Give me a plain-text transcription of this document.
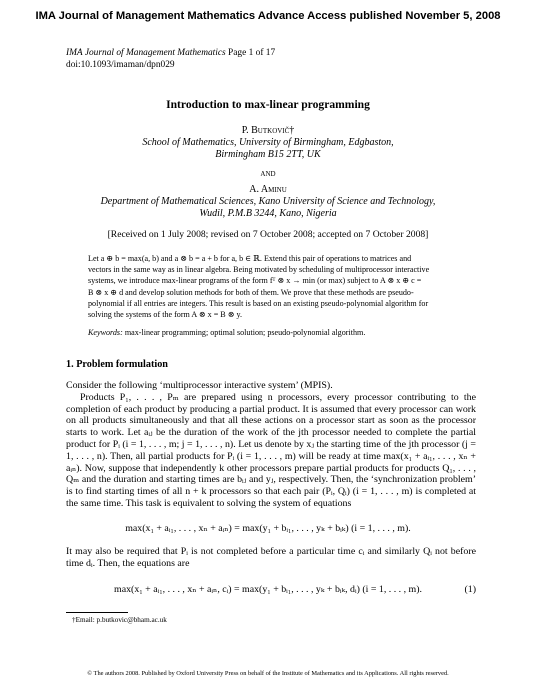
IMA Journal of Management Mathematics Advance Access published November 5, 2008
IMA Journal of Management Mathematics Page 1 of 17
doi:10.1093/imaman/dpn029
Introduction to max-linear programming
P. Butkovič†
School of Mathematics, University of Birmingham, Edgbaston,
Birmingham B15 2TT, UK
and
A. Aminu
Department of Mathematical Sciences, Kano University of Science and Technology,
Wudil, P.M.B 3244, Kano, Nigeria
[Received on 1 July 2008; revised on 7 October 2008; accepted on 7 October 2008]
Let a ⊕ b = max(a, b) and a ⊗ b = a + b for a, b ∈ ℝ. Extend this pair of operations to matrices and
vectors in the same way as in linear algebra. Being motivated by scheduling of multiprocessor interactive
systems, we introduce max-linear programs of the form fᵀ ⊗ x → min (or max) subject to A ⊗ x ⊕ c =
B ⊗ x ⊕ d and develop solution methods for both of them. We prove that these methods are pseudo-
polynomial if all entries are integers. This result is based on an existing pseudo-polynomial algorithm for
solving the systems of the form A ⊗ x = B ⊗ y.
Keywords: max-linear programming; optimal solution; pseudo-polynomial algorithm.
1. Problem formulation

Consider the following ‘multiprocessor interactive system’ (MPIS).

Products P₁, . . . , Pₘ are prepared using n processors, every processor contributing to the completion of each product by producing a partial product. It is assumed that every processor can work on all products simultaneously and that all these actions on a processor start as soon as the processor starts to work. Let aᵢⱼ be the duration of the work of the jth processor needed to complete the partial product for Pᵢ (i = 1, . . . , m; j = 1, . . . , n). Let us denote by xⱼ the starting time of the jth processor (j = 1, . . . , n). Then, all partial products for Pᵢ (i = 1, . . . , m) will be ready at time max(x₁ + aᵢ₁, . . . , xₙ + aᵢₙ). Now, suppose that independently k other processors prepare partial products for products Q₁, . . . , Qₘ and the duration and starting times are bᵢⱼ and yⱼ, respectively. Then, the ‘synchronization problem’ is to find starting times of all n + k processors so that each pair (Pᵢ, Qᵢ) (i = 1, . . . , m) is completed at the same time. This task is equivalent to solving the system of equations

max(x₁ + aᵢ₁, . . . , xₙ + aᵢₙ) = max(y₁ + bᵢ₁, . . . , yₖ + bᵢₖ) (i = 1, . . . , m).
It may also be required that Pᵢ is not completed before a particular time cᵢ and similarly Qᵢ not before time dᵢ. Then, the equations are
max(x₁ + aᵢ₁, . . . , xₙ + aᵢₙ, cᵢ) = max(y₁ + bᵢ₁, . . . , yₖ + bᵢₖ, dᵢ) (i = 1, . . . , m).	(1)
†Email: p.butkovic@bham.ac.uk
© The authors 2008. Published by Oxford University Press on behalf of the Institute of Mathematics and its Applications. All rights reserved.
